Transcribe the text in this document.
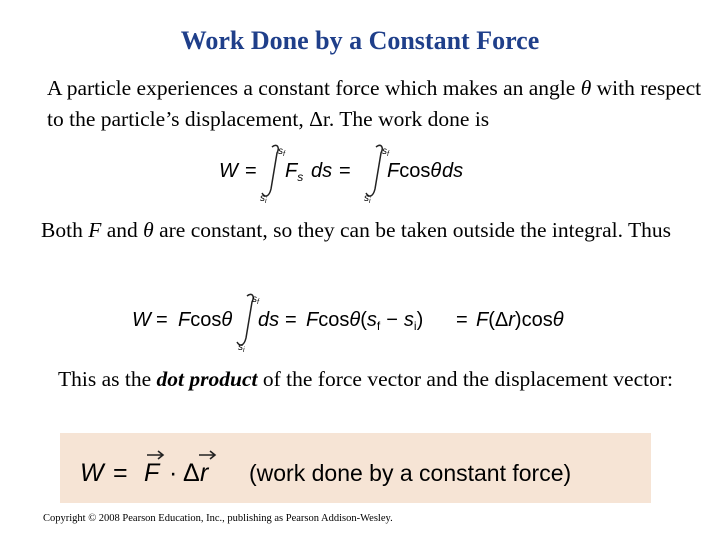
Work Done by a Constant Force
A particle experiences a constant force which makes an angle θ with respect to the particle’s displacement, Δr. The work done is
W =
$s_f$
$s_i$
$F_s$ ds =
$s_f$
$s_i$
Fcosθ ds
Both F and θ are constant, so they can be taken outside the integral. Thus
W = Fcosθ
$s_f$
$s_i$
ds = $Fcos\theta(s_f - s_i) = F(\Delta r)\cos\theta$
This as the dot product of the force vector and the displacement vector:
W = F · Δ r (work done by a constant force)
Copyright © 2008 Pearson Education, Inc., publishing as Pearson Addison-Wesley.
